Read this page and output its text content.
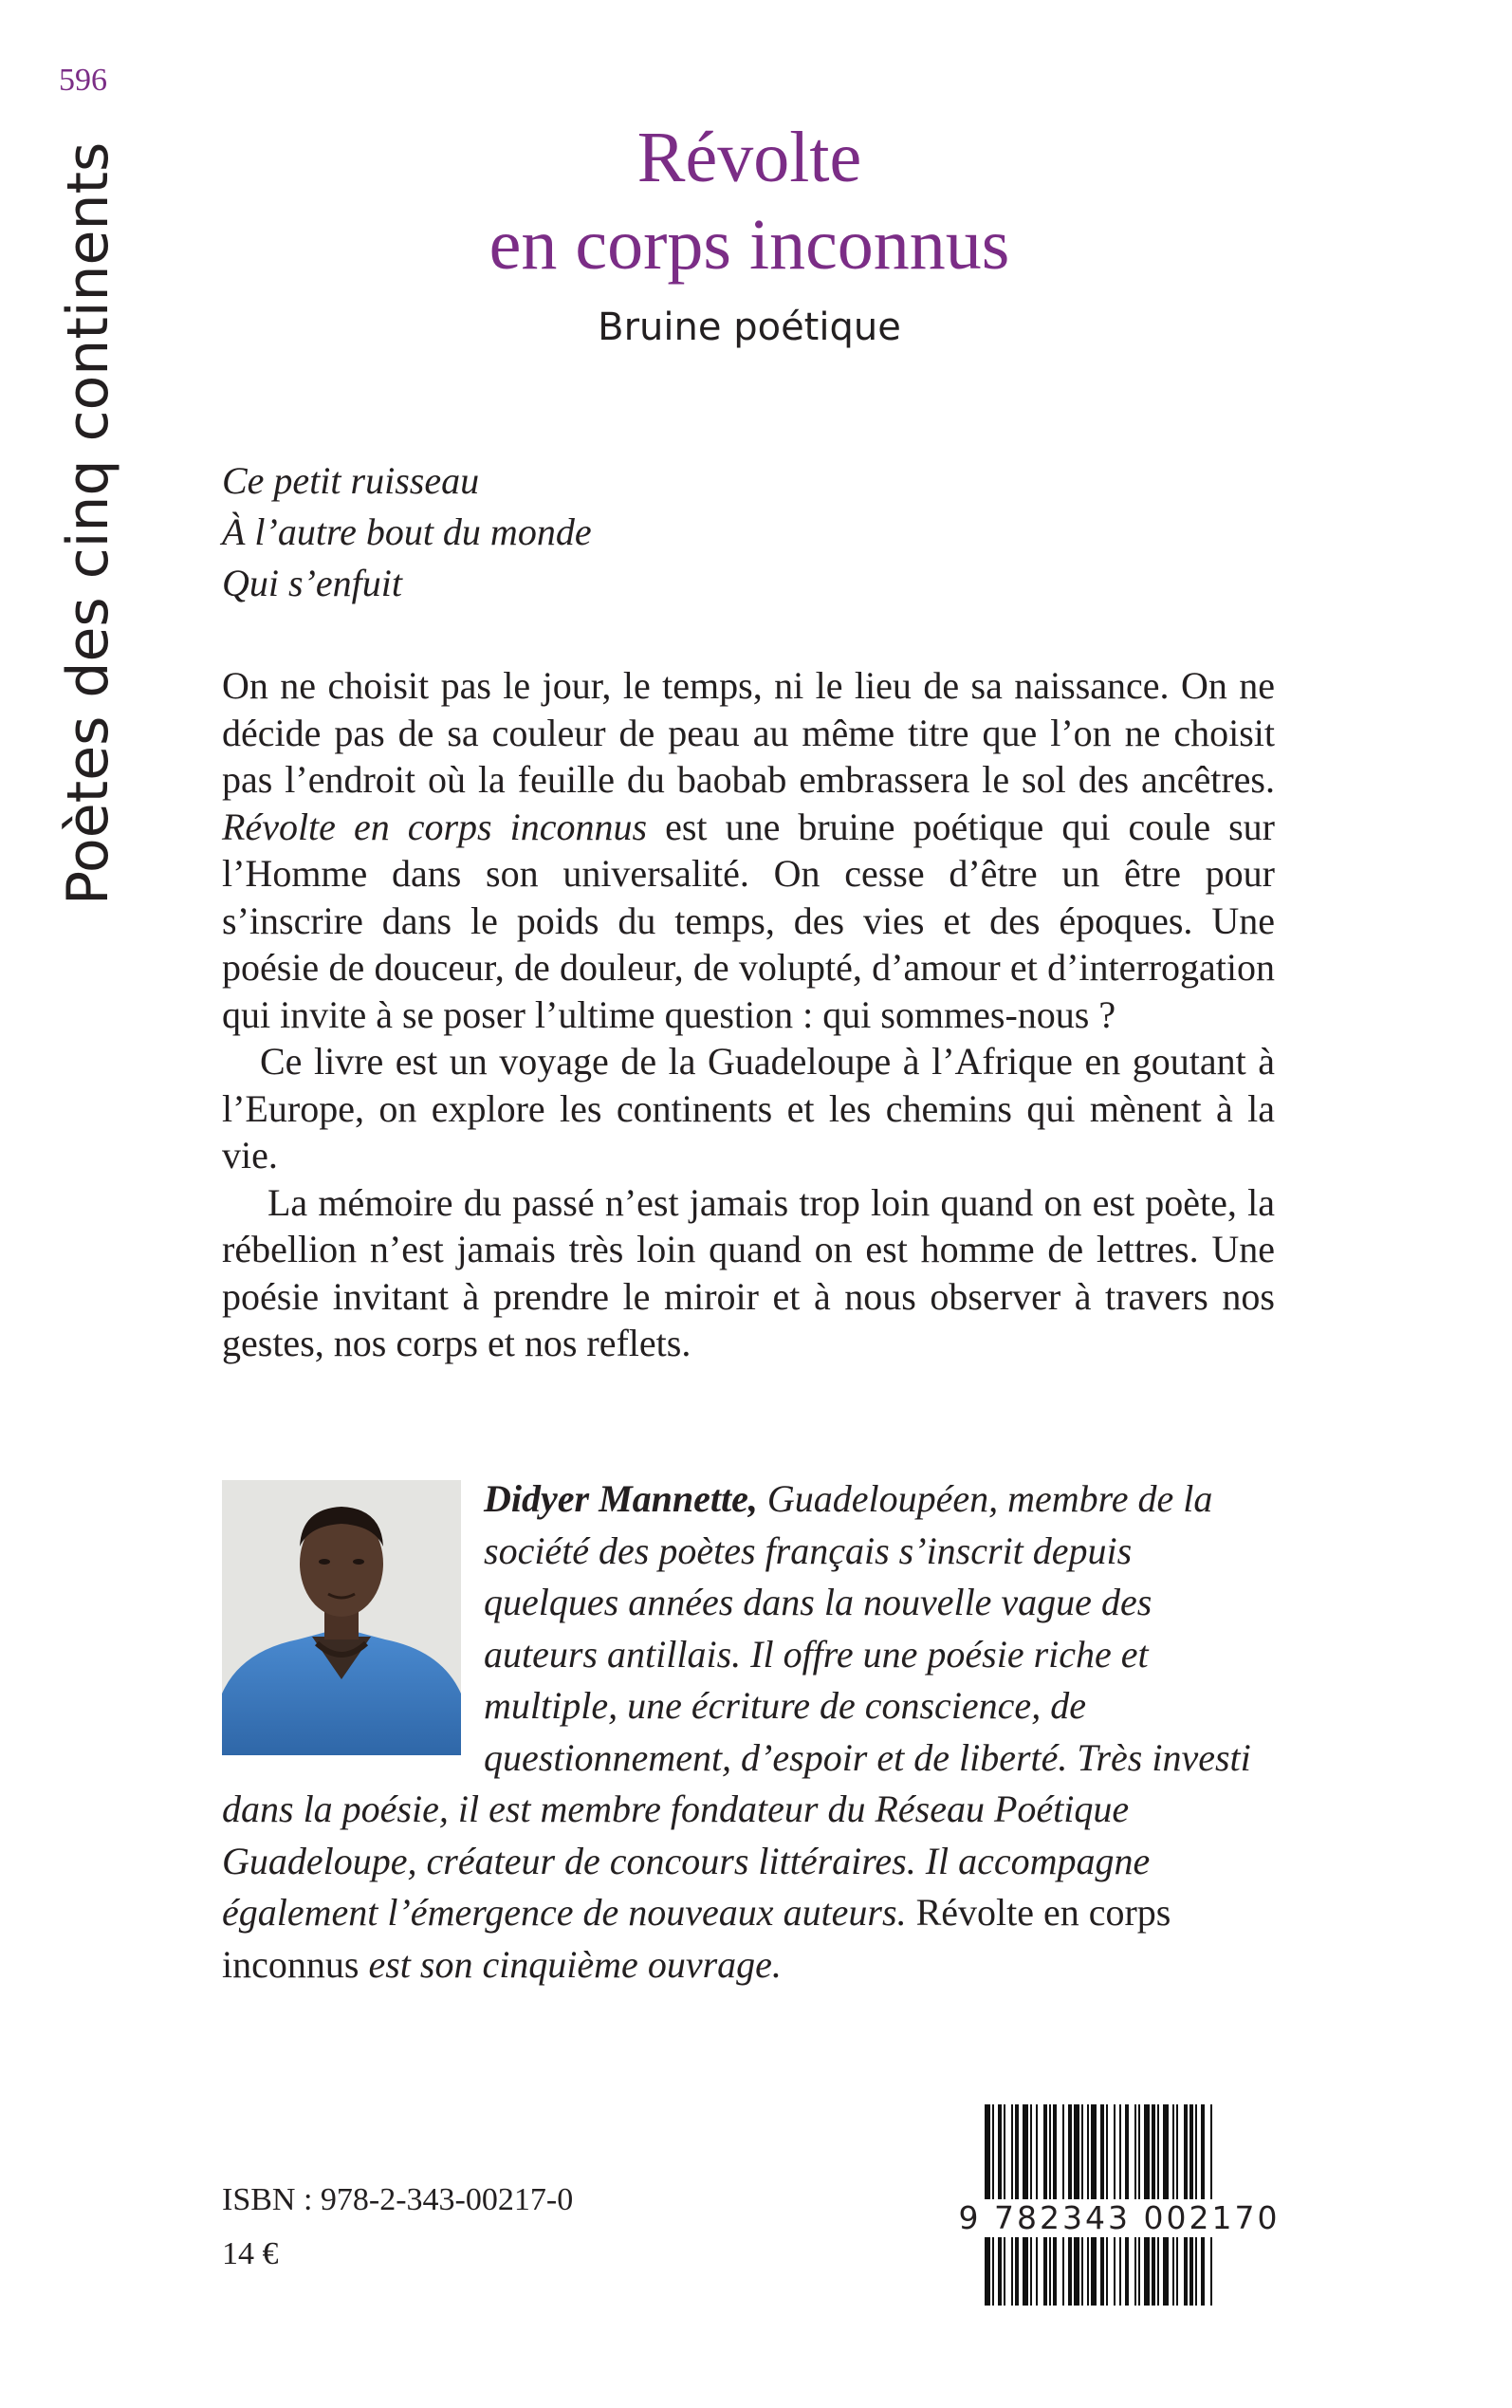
596
Poètes des cinq continents	Révolte
en corps inconnus
Bruine poétique
Ce petit ruisseau
À l’autre bout du monde
Qui s’enfuit

On ne choisit pas le jour, le temps, ni le lieu de sa naissance. On ne décide pas de sa couleur de peau au même titre que l’on ne choisit pas l’endroit où la feuille du baobab embrassera le sol des ancêtres. Révolte en corps inconnus est une bruine poétique qui coule sur l’Homme dans son universalité. On cesse d’être un être pour s’inscrire dans le poids du temps, des vies et des époques. Une poésie de douceur, de douleur, de volupté, d’amour et d’interrogation qui invite à se poser l’ultime question : qui sommes-nous ?

Ce livre est un voyage de la Guadeloupe à l’Afrique en goutant à l’Europe, on explore les continents et les chemins qui mènent à la vie.

La mémoire du passé n’est jamais trop loin quand on est poète, la rébellion n’est jamais très loin quand on est homme de lettres. Une poésie invitant à prendre le miroir et à nous observer à travers nos gestes, nos corps et nos reflets.

Didyer Mannette, Guadeloupéen, membre de la société des poètes français s’inscrit depuis quelques années dans la nouvelle vague des auteurs antillais. Il offre une poésie riche et multiple, une écriture de conscience, de questionnement, d’espoir et de liberté. Très investi dans la poésie, il est membre fondateur du Réseau Poétique Guadeloupe, créateur de concours littéraires. Il accompagne également l’émergence de nouveaux auteurs. Révolte en corps inconnus est son cinquième ouvrage.
9 782343 002170
ISBN : 978-2-343-00217-0
14 €
